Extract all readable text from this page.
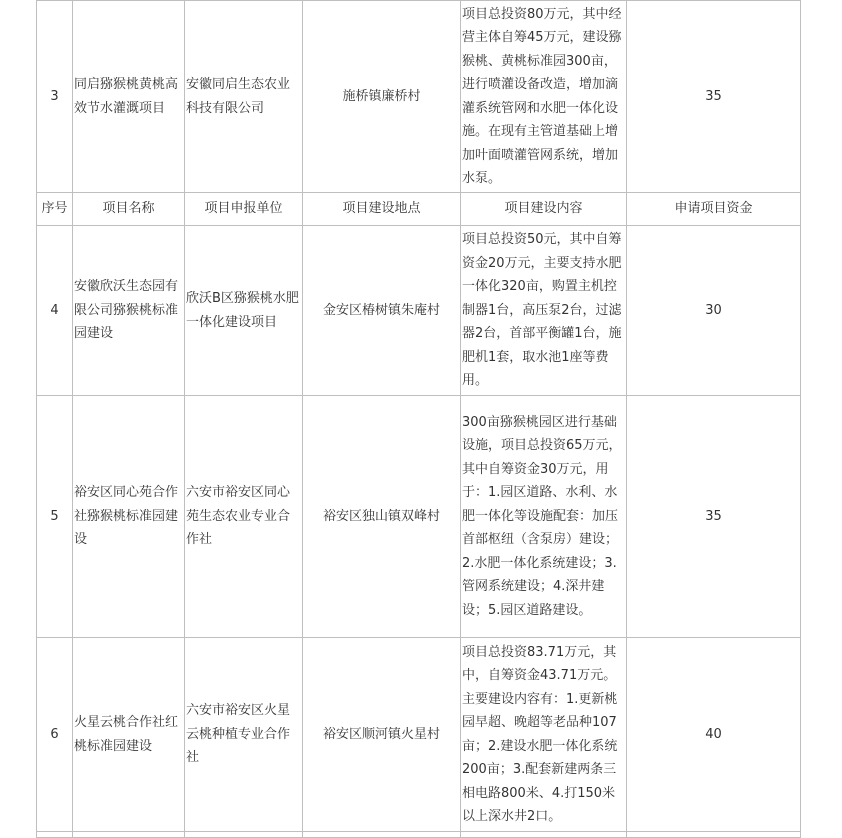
3	同启猕猴桃黄桃高效节水灌溉项目	安徽同启生态农业科技有限公司	施桥镇廉桥村	项目总投资80万元，其中经营主体自筹45万元，建设猕猴桃、黄桃标准园300亩，进行喷灌设备改造，增加滴灌系统管网和水肥一体化设施。在现有主管道基础上增加叶面喷灌管网系统，增加水泵。	35
序号	项目名称	项目申报单位	项目建设地点	项目建设内容	申请项目资金
4	安徽欣沃生态园有限公司猕猴桃标准园建设	欣沃B区猕猴桃水肥一体化建设项目	金安区椿树镇朱庵村	项目总投资50元，其中自筹资金20万元，主要支持水肥一体化320亩，购置主机控制器1台，高压泵2台，过滤器2台，首部平衡罐1台，施肥机1套，取水池1座等费用。	30
5	裕安区同心苑合作社猕猴桃标准园建设	六安市裕安区同心苑生态农业专业合作社	裕安区独山镇双峰村	300亩猕猴桃园区进行基础设施，项目总投资65万元，其中自筹资金30万元，用于：1.园区道路、水利、水肥一体化等设施配套：加压首部枢纽（含泵房）建设；2.水肥一体化系统建设；3.管网系统建设；4.深井建设；5.园区道路建设。	35
6	火星云桃合作社红桃标准园建设	六安市裕安区火星云桃种植专业合作社	裕安区顺河镇火星村	项目总投资83.71万元，其中，自筹资金43.71万元。主要建设内容有：1.更新桃园早超、晚超等老品种107亩；2.建设水肥一体化系统200亩；3.配套新建两条三相电路800米、4.打150米以上深水井2口。	40
